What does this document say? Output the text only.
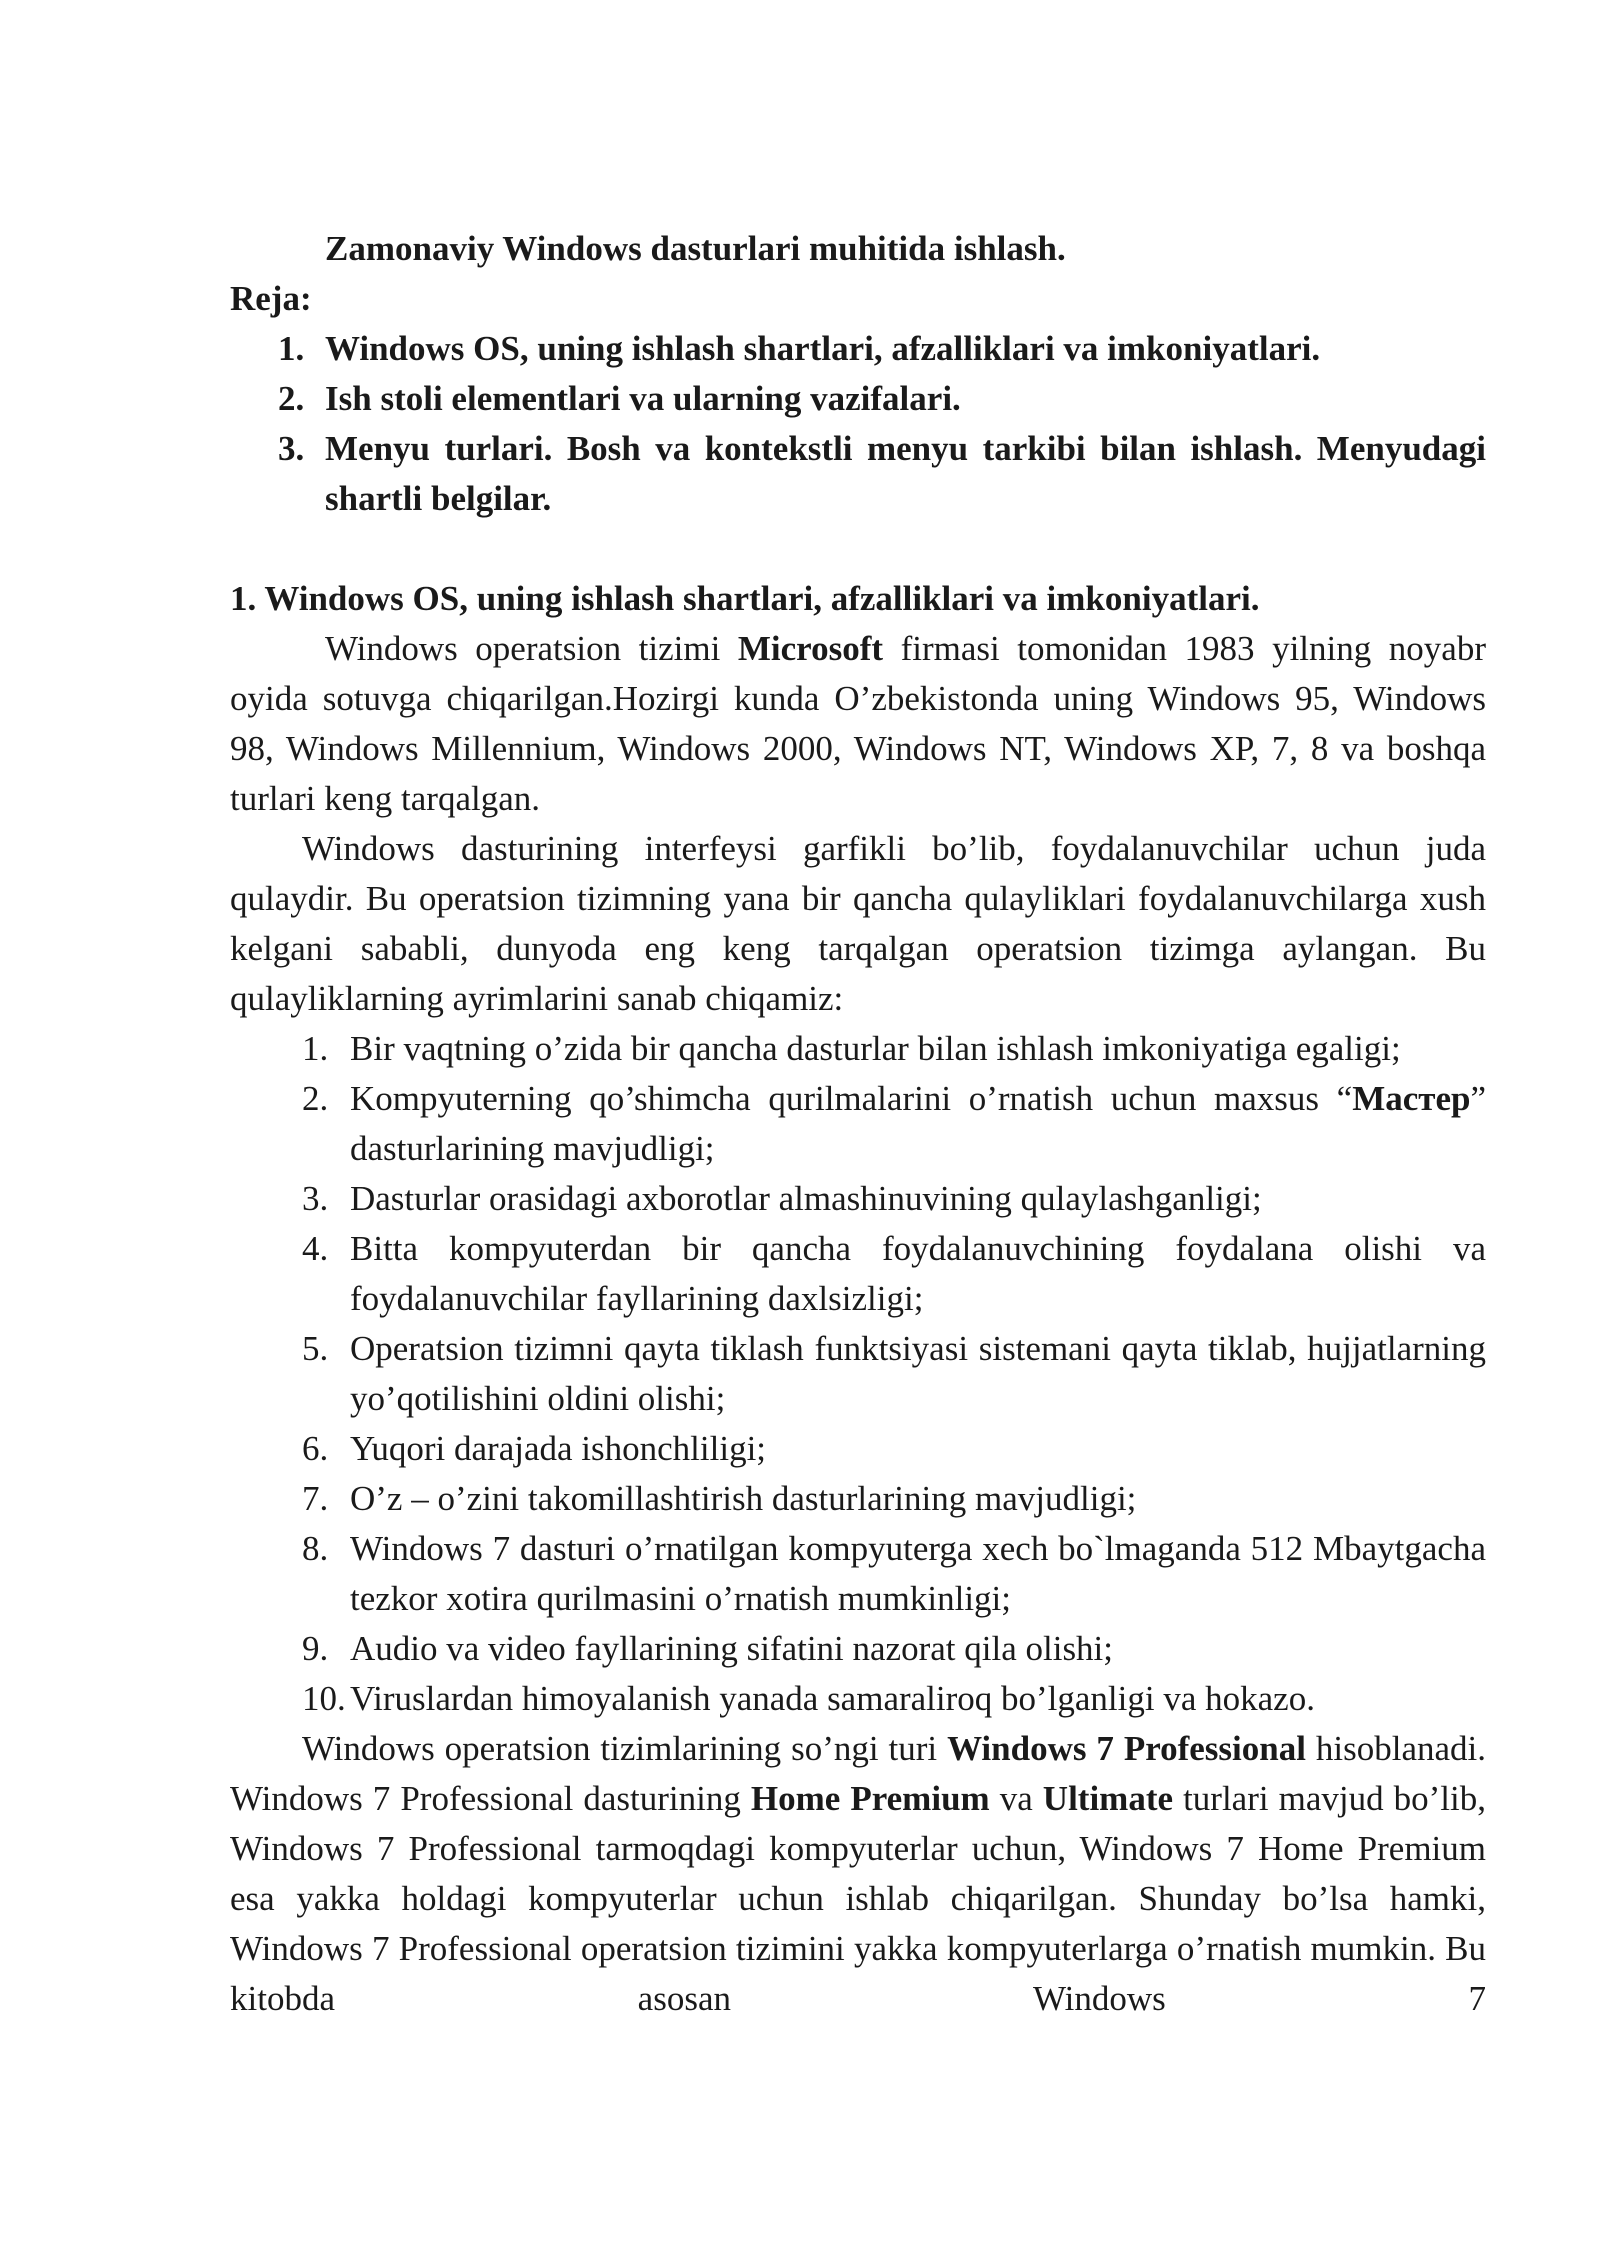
Zamonaviy Windows dasturlari muhitida ishlash.

Reja:

1. Windows OS, uning ishlash shartlari, afzalliklari va imkoniyatlari.
2. Ish stoli elementlari va ularning vazifalari.
3. Menyu turlari. Bosh va kontekstli menyu tarkibi bilan ishlash. Menyudagi shartli belgilar.

1. Windows OS, uning ishlash shartlari, afzalliklari va imkoniyatlari.

Windows operatsion tizimi Microsoft firmasi tomonidan 1983 yilning noyabr oyida sotuvga chiqarilgan.Hozirgi kunda O’zbekistonda uning Windows 95, Windows 98, Windows Millennium, Windows 2000, Windows NT, Windows XP, 7, 8 va boshqa turlari keng tarqalgan.

Windows dasturining interfeysi garfikli bo’lib, foydalanuvchilar uchun juda qulaydir. Bu operatsion tizimning yana bir qancha qulayliklari foydalanuvchilarga xush kelgani sababli, dunyoda eng keng tarqalgan operatsion tizimga aylangan. Bu qulayliklarning ayrimlarini sanab chiqamiz:

1. Bir vaqtning o’zida bir qancha dasturlar bilan ishlash imkoniyatiga egaligi;
2. Kompyuterning qo’shimcha qurilmalarini o’rnatish uchun maxsus “Мастер” dasturlarining mavjudligi;
3. Dasturlar orasidagi axborotlar almashinuvining qulaylashganligi;
4. Bitta kompyuterdan bir qancha foydalanuvchining foydalana olishi va foydalanuvchilar fayllarining daxlsizligi;
5. Operatsion tizimni qayta tiklash funktsiyasi sistemani qayta tiklab, hujjatlarning yo’qotilishini oldini olishi;
6. Yuqori darajada ishonchliligi;
7. O’z – o’zini takomillashtirish dasturlarining mavjudligi;
8. Windows 7 dasturi o’rnatilgan kompyuterga xech bo`lmaganda 512 Mbaytgacha tezkor xotira qurilmasini o’rnatish mumkinligi;
9. Audio va video fayllarining sifatini nazorat qila olishi;
10. Viruslardan himoyalanish yanada samaraliroq bo’lganligi va hokazo.

Windows operatsion tizimlarining so’ngi turi Windows 7 Professional hisoblanadi. Windows 7 Professional dasturining Home Premium va Ultimate turlari mavjud bo’lib, Windows 7 Professional tarmoqdagi kompyuterlar uchun, Windows 7 Home Premium esa yakka holdagi kompyuterlar uchun ishlab chiqarilgan. Shunday bo’lsa hamki, Windows 7 Professional operatsion tizimini yakka kompyuterlarga o’rnatish mumkin. Bu kitobda asosan Windows 7
